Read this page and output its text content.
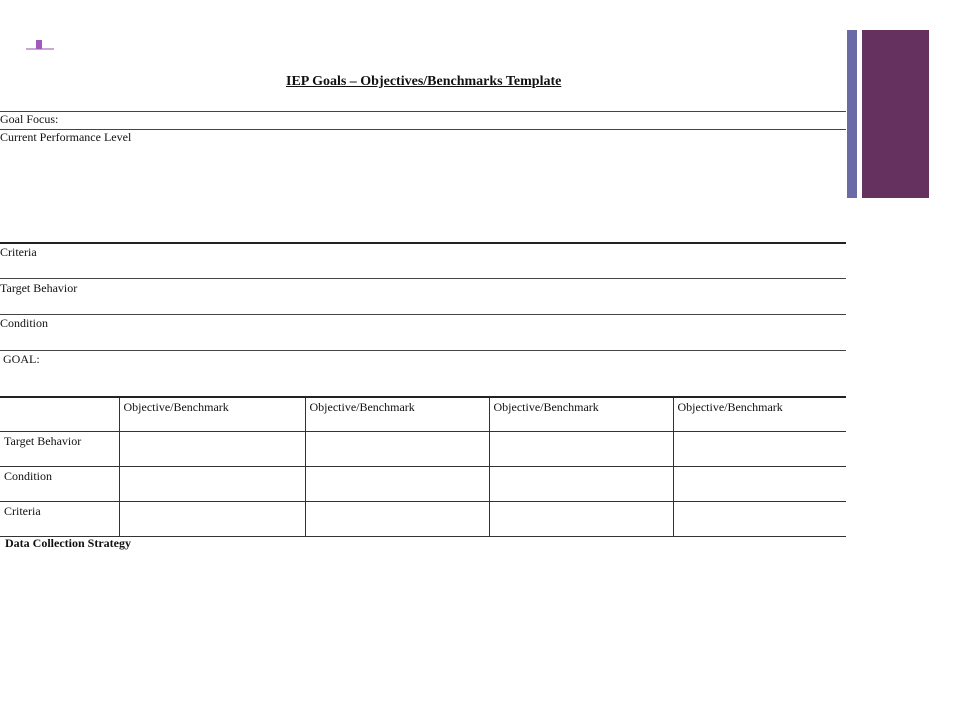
IEP Goals – Objectives/Benchmarks Template
Goal Focus:
Current Performance Level
Criteria
Target Behavior
Condition
GOAL:
	Objective/Benchmark	Objective/Benchmark	Objective/Benchmark	Objective/Benchmark
Target Behavior				
Condition				
Criteria				
Data Collection Strategy
